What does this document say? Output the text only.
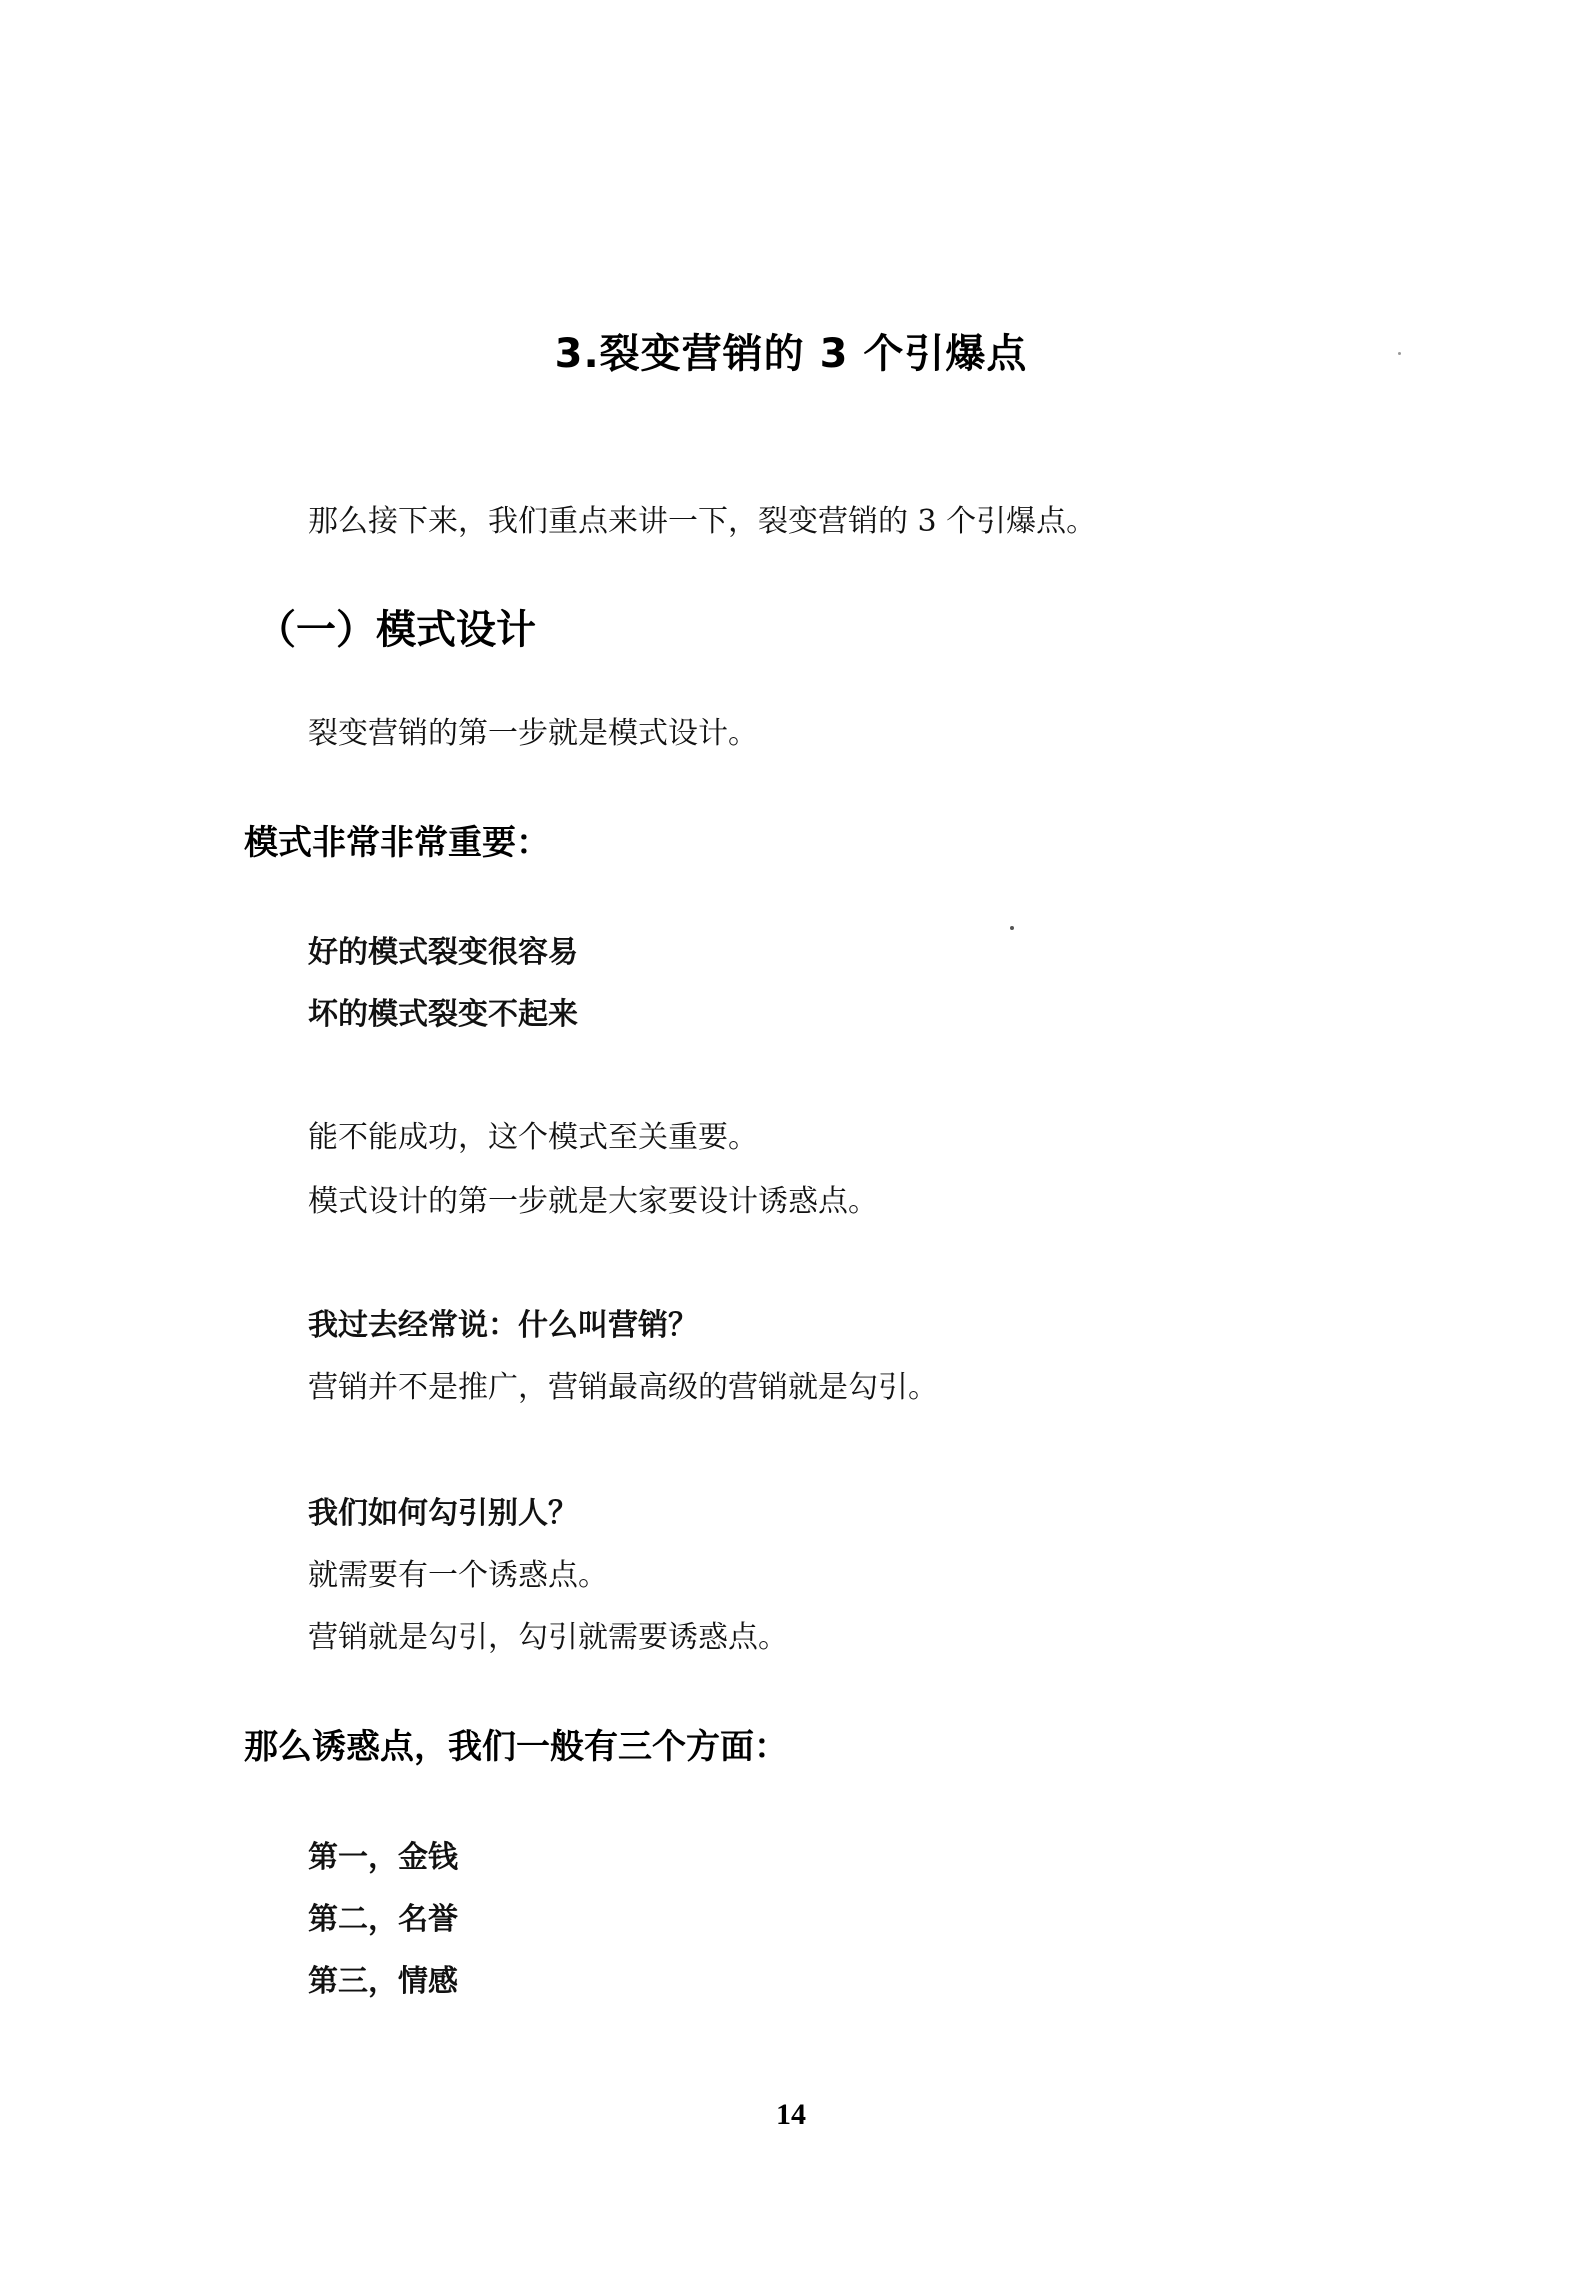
3.裂变营销的 3 个引爆点
那么接下来，我们重点来讲一下，裂变营销的 3 个引爆点。
（一）模式设计
裂变营销的第一步就是模式设计。
模式非常非常重要：
好的模式裂变很容易
坏的模式裂变不起来
能不能成功，这个模式至关重要。
模式设计的第一步就是大家要设计诱惑点。
我过去经常说：什么叫营销？
营销并不是推广，营销最高级的营销就是勾引。
我们如何勾引别人？
就需要有一个诱惑点。
营销就是勾引，勾引就需要诱惑点。
那么诱惑点，我们一般有三个方面：
第一，金钱
第二，名誉
第三，情感
14
